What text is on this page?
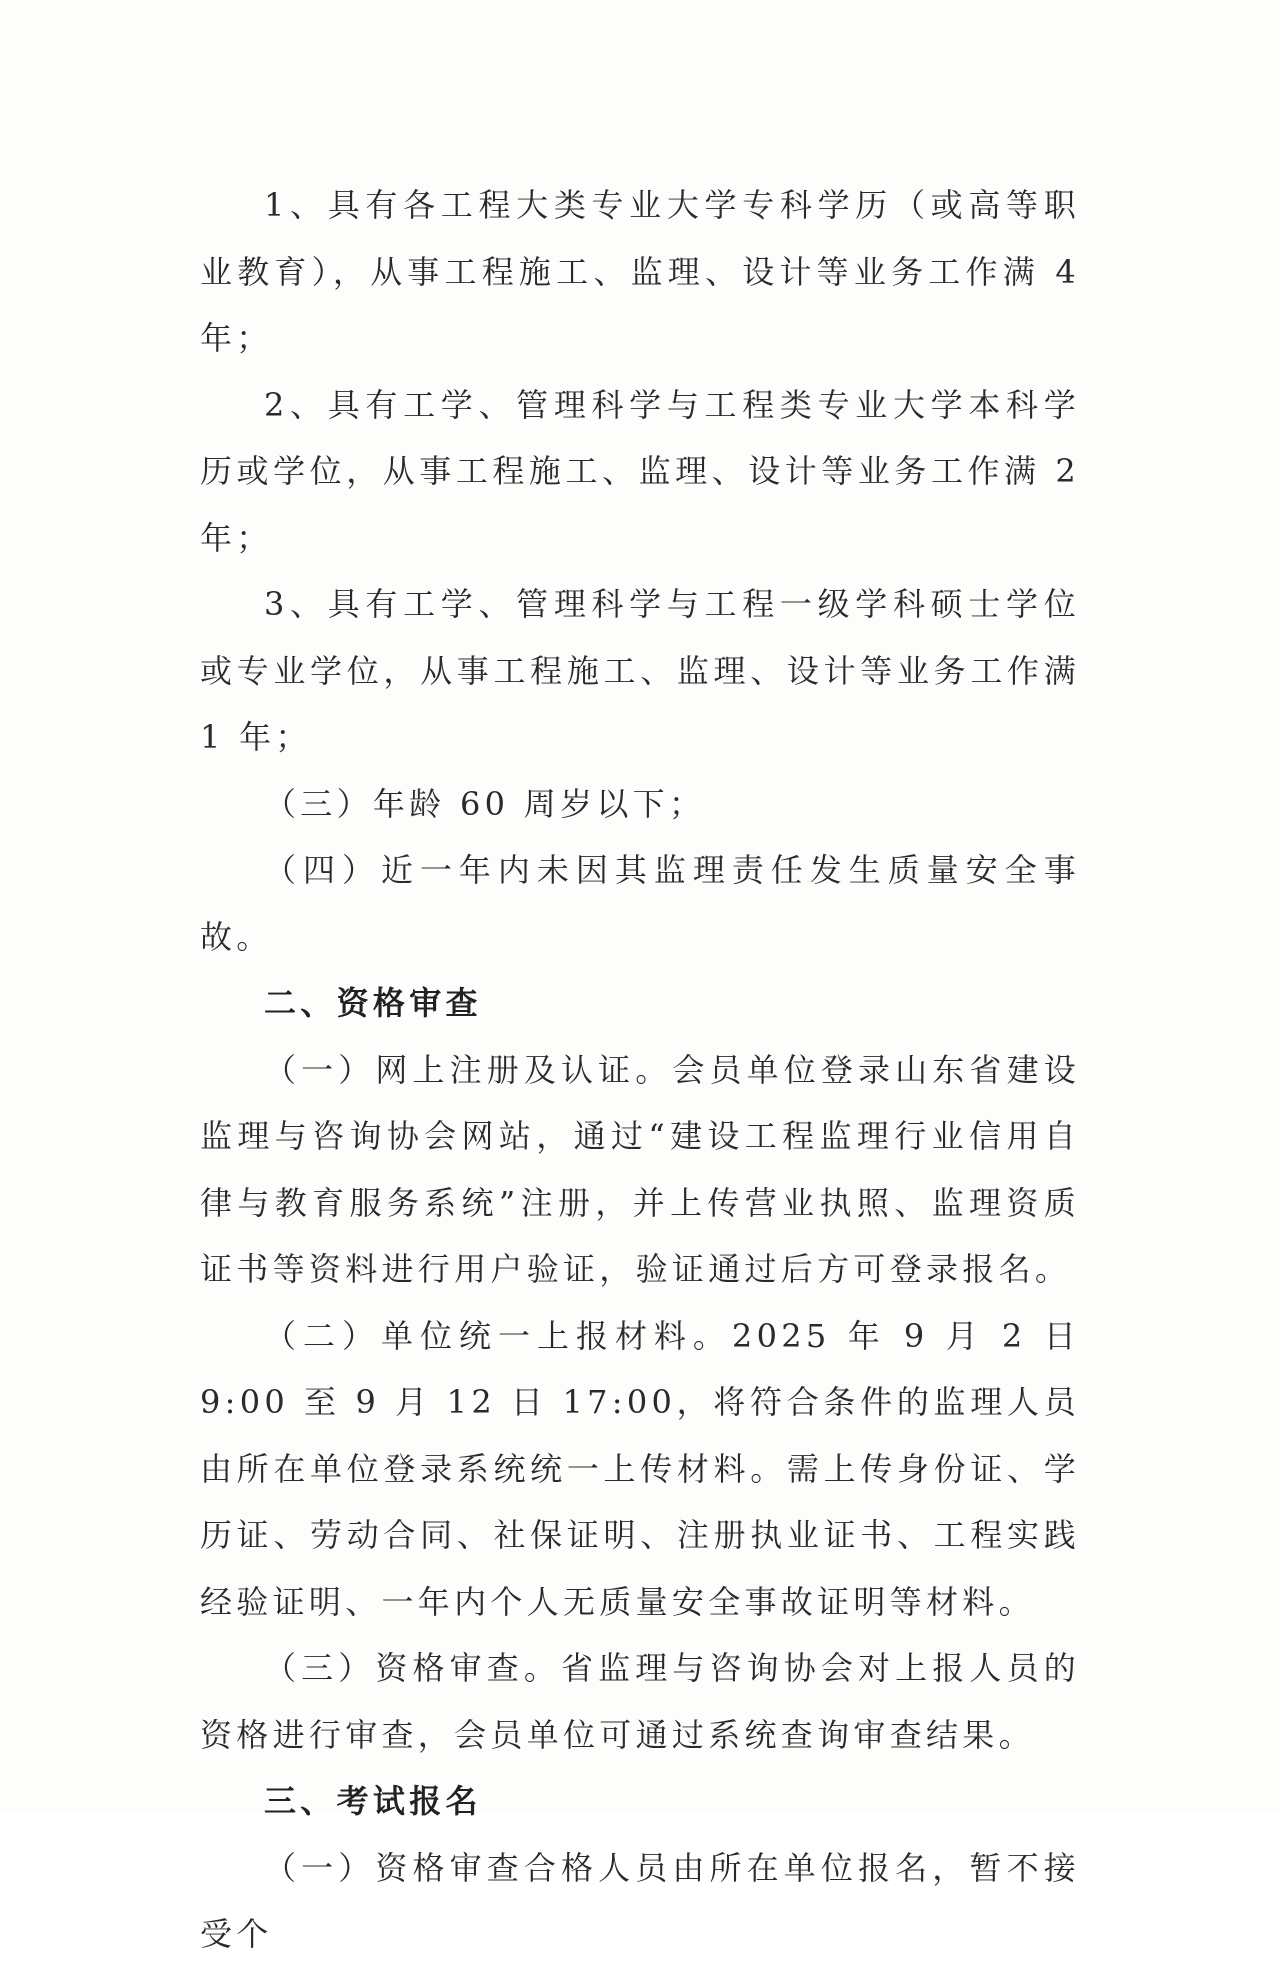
1、具有各工程大类专业大学专科学历（或高等职业教育），从事工程施工、监理、设计等业务工作满 4 年；

2、具有工学、管理科学与工程类专业大学本科学历或学位，从事工程施工、监理、设计等业务工作满 2 年；

3、具有工学、管理科学与工程一级学科硕士学位或专业学位，从事工程施工、监理、设计等业务工作满 1 年；

（三）年龄 60 周岁以下；

（四）近一年内未因其监理责任发生质量安全事故。

二、资格审查

（一）网上注册及认证。会员单位登录山东省建设监理与咨询协会网站，通过“建设工程监理行业信用自律与教育服务系统”注册，并上传营业执照、监理资质证书等资料进行用户验证，验证通过后方可登录报名。

（二）单位统一上报材料。2025 年 9 月 2 日 9:00 至 9 月 12 日 17:00，将符合条件的监理人员由所在单位登录系统统一上传材料。需上传身份证、学历证、劳动合同、社保证明、注册执业证书、工程实践经验证明、一年内个人无质量安全事故证明等材料。

（三）资格审查。省监理与咨询协会对上报人员的资格进行审查，会员单位可通过系统查询审查结果。

三、考试报名

（一）资格审查合格人员由所在单位报名，暂不接受个
